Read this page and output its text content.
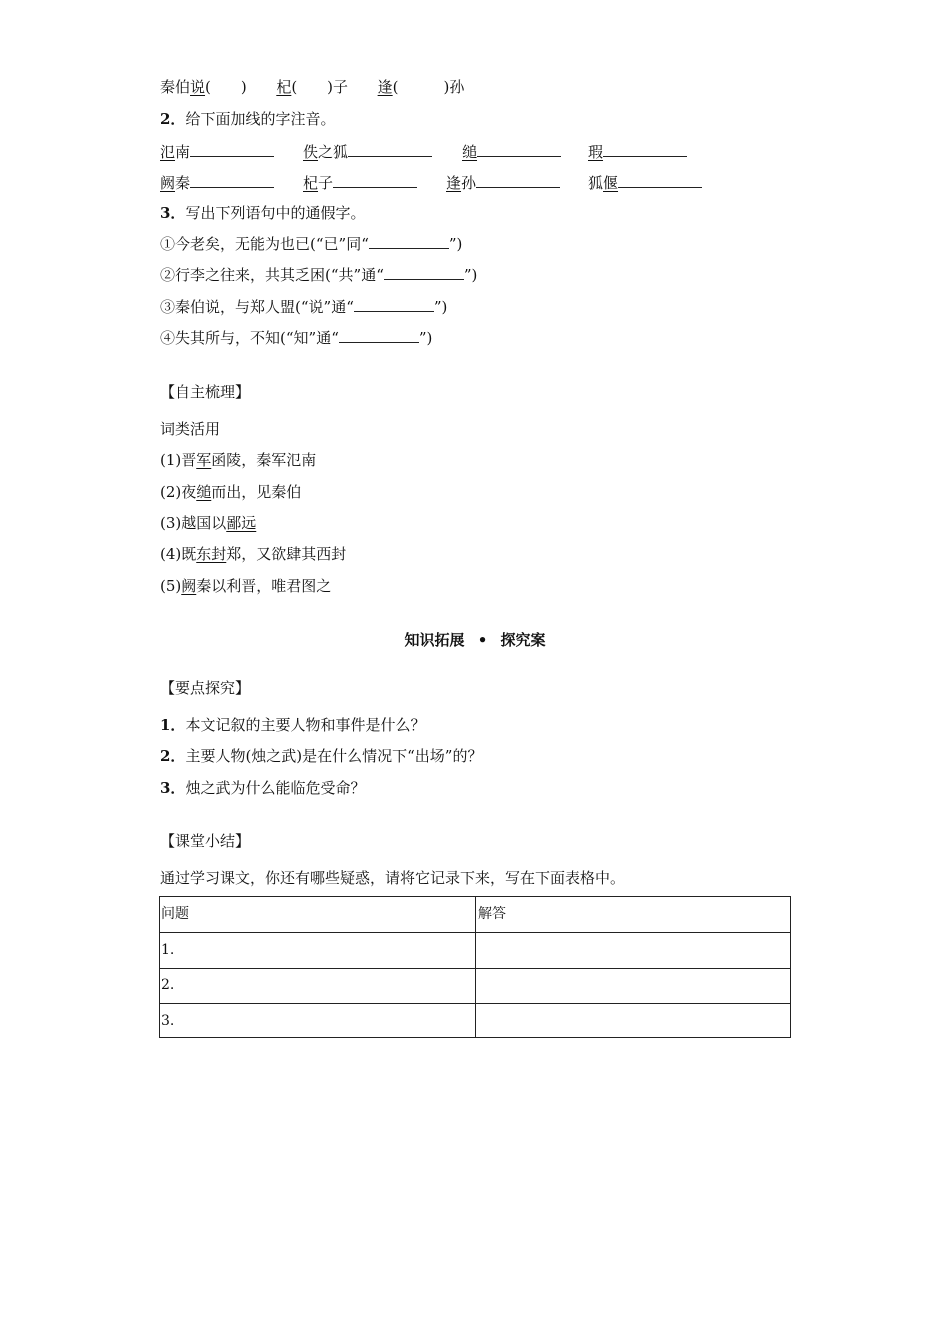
秦伯说(　　) 杞(　　)子 逢(　　　)孙
2．给下面加线的字注音。
氾南	佚之狐	缒	瑕
阙秦	杞子	逢孙	狐偃
3．写出下列语句中的通假字。
①今老矣，无能为也已(“已”同“	”)
②行李之往来，共其乏困(“共”通“	”)
③秦伯说，与郑人盟(“说”通“	”)
④失其所与，不知(“知”通“	”)
【自主梳理】
词类活用
(1)晋军函陵，秦军氾南
(2)夜缒而出，见秦伯
(3)越国以鄙远
(4)既东封郑，又欲肆其西封
(5)阙秦以利晋，唯君图之
知识拓展 • 探究案
【要点探究】
1．本文记叙的主要人物和事件是什么？
2．主要人物(烛之武)是在什么情况下“出场”的？
3．烛之武为什么能临危受命？
【课堂小结】
通过学习课文，你还有哪些疑惑，请将它记录下来，写在下面表格中。
问题	解答
1.
2.
3.
